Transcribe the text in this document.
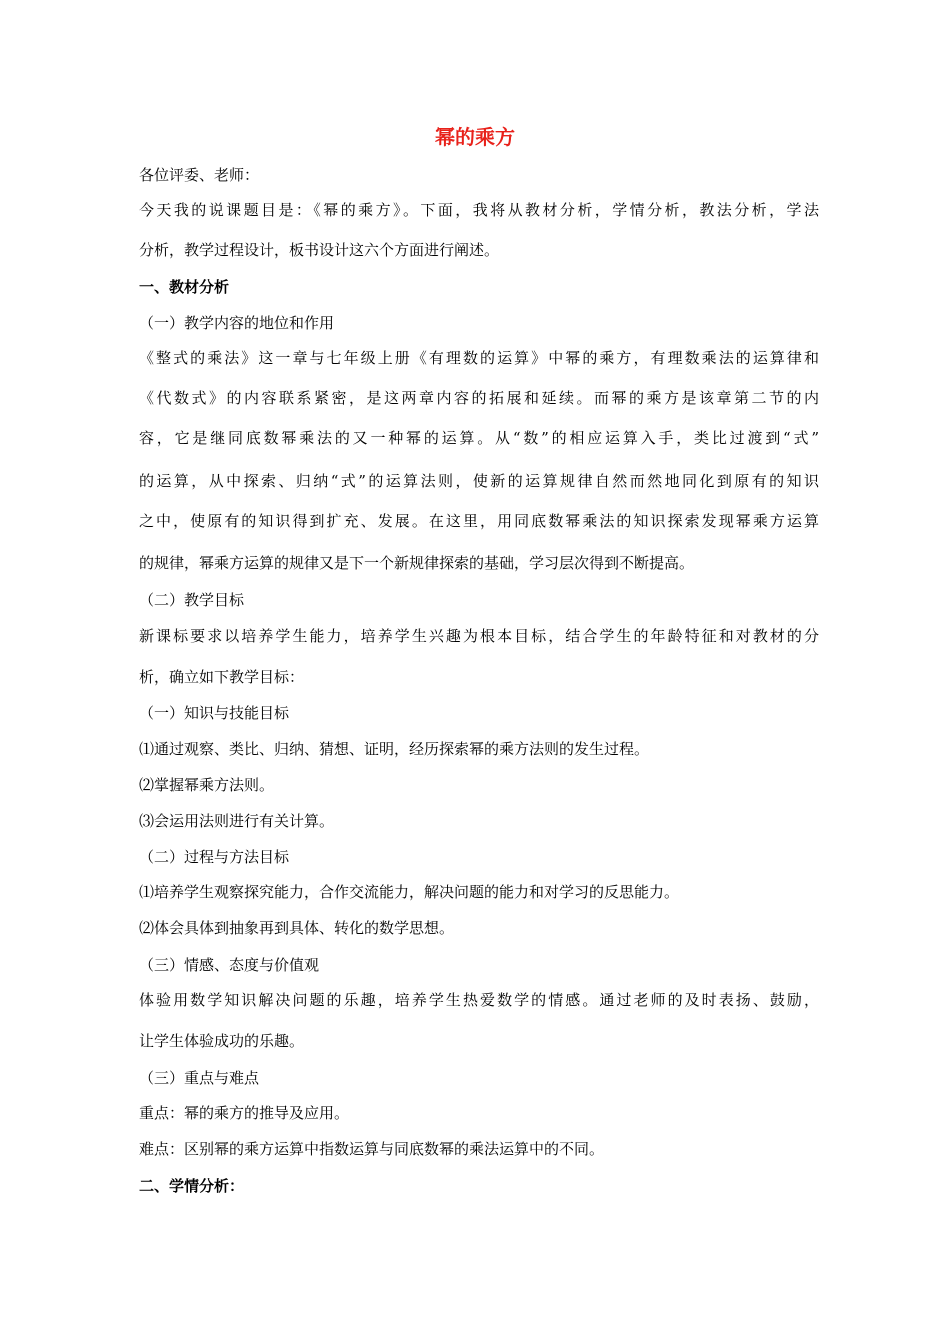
幂的乘方
各位评委、老师：
今天我的说课题目是：《幂的乘方》。下面，我将从教材分析，学情分析，教法分析，学法
分析，教学过程设计，板书设计这六个方面进行阐述。
一、教材分析
（一）教学内容的地位和作用
《整式的乘法》这一章与七年级上册《有理数的运算》中幂的乘方，有理数乘法的运算律和
《代数式》的内容联系紧密，是这两章内容的拓展和延续。而幂的乘方是该章第二节的内
容，它是继同底数幂乘法的又一种幂的运算。从“数”的相应运算入手，类比过渡到“式”
的运算，从中探索、归纳“式”的运算法则，使新的运算规律自然而然地同化到原有的知识
之中，使原有的知识得到扩充、发展。在这里，用同底数幂乘法的知识探索发现幂乘方运算
的规律，幂乘方运算的规律又是下一个新规律探索的基础，学习层次得到不断提高。
（二）教学目标
新课标要求以培养学生能力，培养学生兴趣为根本目标，结合学生的年龄特征和对教材的分
析，确立如下教学目标：
（一）知识与技能目标
⑴通过观察、类比、归纳、猜想、证明，经历探索幂的乘方法则的发生过程。
⑵掌握幂乘方法则。
⑶会运用法则进行有关计算。
（二）过程与方法目标
⑴培养学生观察探究能力，合作交流能力，解决问题的能力和对学习的反思能力。
⑵体会具体到抽象再到具体、转化的数学思想。
（三）情感、态度与价值观
体验用数学知识解决问题的乐趣，培养学生热爱数学的情感。通过老师的及时表扬、鼓励，
让学生体验成功的乐趣。
（三）重点与难点
重点：幂的乘方的推导及应用。
难点：区别幂的乘方运算中指数运算与同底数幂的乘法运算中的不同。
二、学情分析：
